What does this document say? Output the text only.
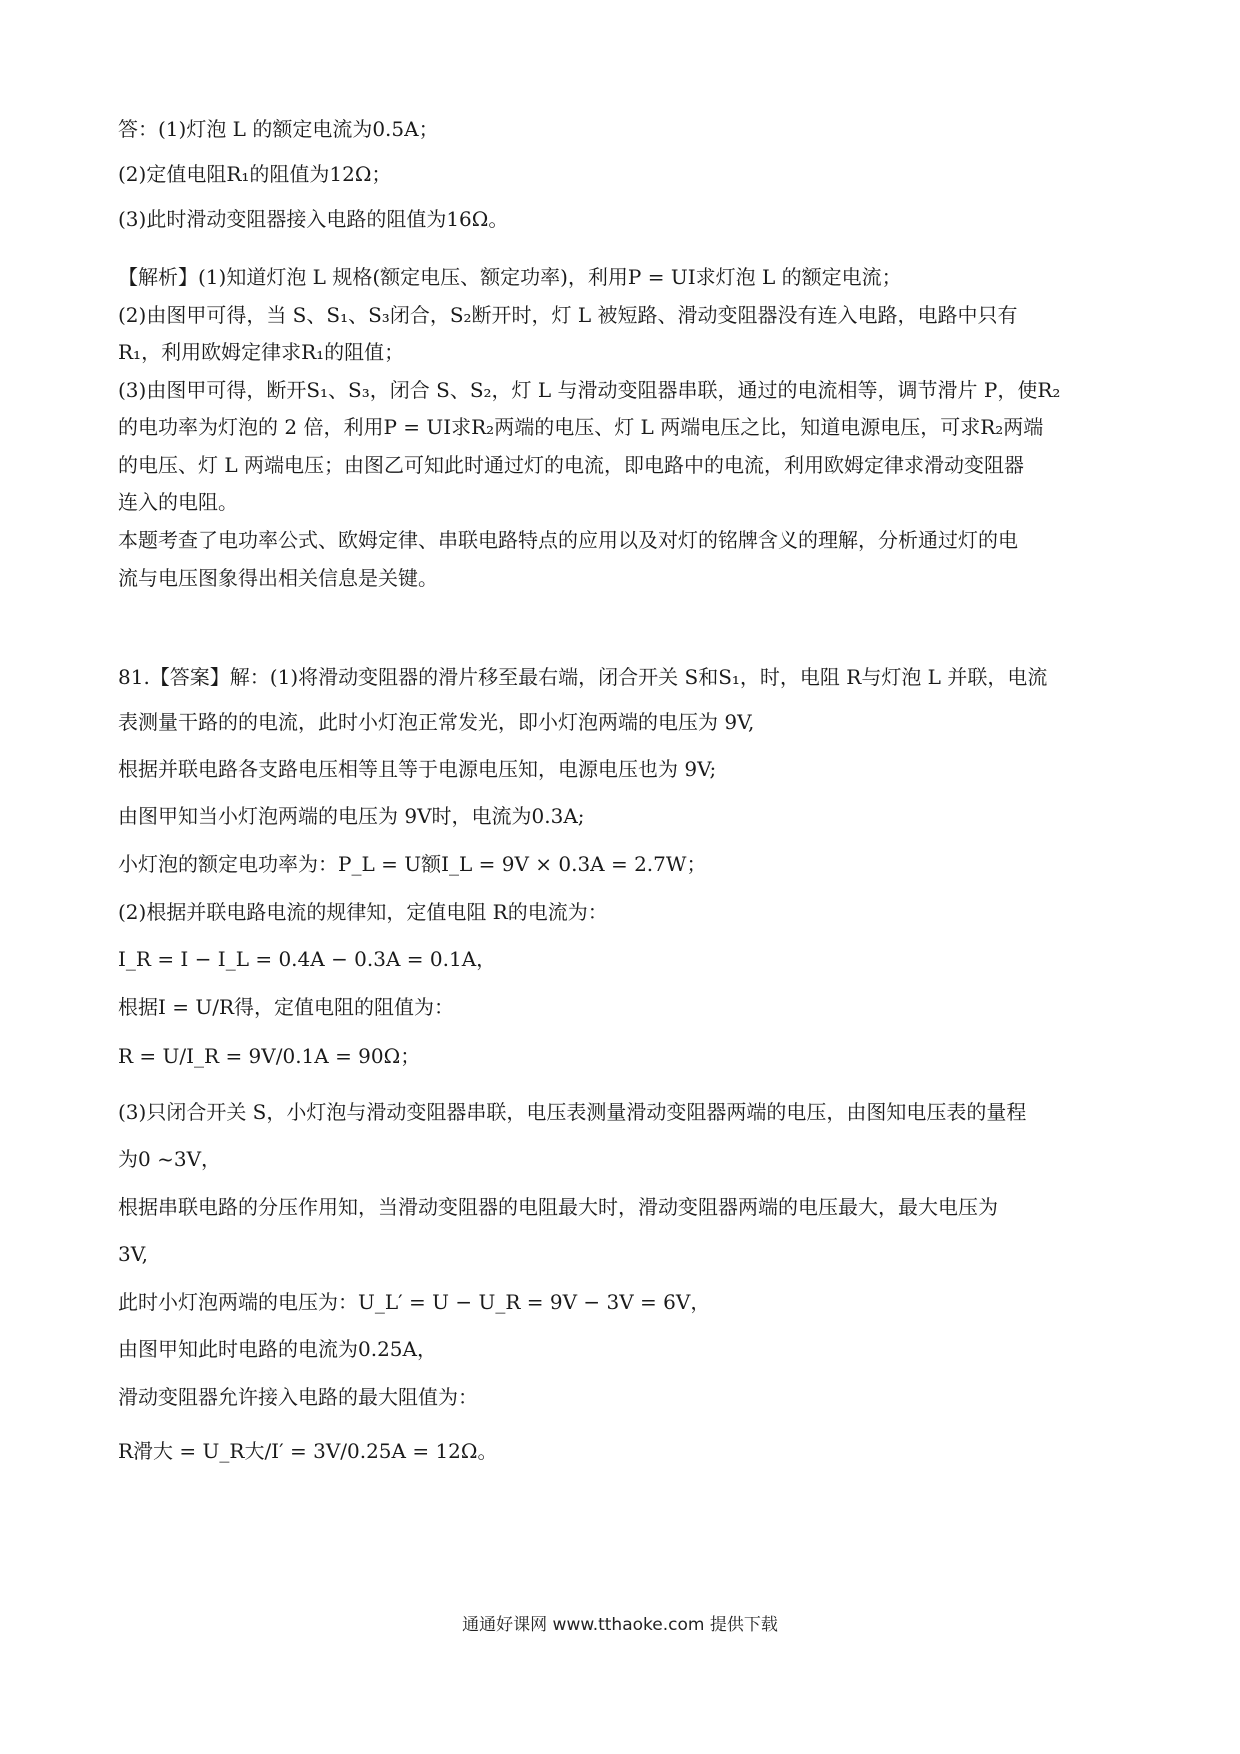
答：(1)灯泡 L 的额定电流为0.5A；
(2)定值电阻R₁的阻值为12Ω；
(3)此时滑动变阻器接入电路的阻值为16Ω。
【解析】(1)知道灯泡 L 规格(额定电压、额定功率)，利用P = UI求灯泡 L 的额定电流；
(2)由图甲可得，当 S、S₁、S₃闭合，S₂断开时，灯 L 被短路、滑动变阻器没有连入电路，电路中只有
R₁，利用欧姆定律求R₁的阻值；
(3)由图甲可得，断开S₁、S₃，闭合 S、S₂，灯 L 与滑动变阻器串联，通过的电流相等，调节滑片 P，使R₂
的电功率为灯泡的 2 倍，利用P = UI求R₂两端的电压、灯 L 两端电压之比，知道电源电压，可求R₂两端
的电压、灯 L 两端电压；由图乙可知此时通过灯的电流，即电路中的电流，利用欧姆定律求滑动变阻器
连入的电阻。
本题考查了电功率公式、欧姆定律、串联电路特点的应用以及对灯的铭牌含义的理解，分析通过灯的电
流与电压图象得出相关信息是关键。
81.【答案】解：(1)将滑动变阻器的滑片移至最右端，闭合开关 S和S₁，时，电阻 R与灯泡 L 并联，电流
表测量干路的的电流，此时小灯泡正常发光，即小灯泡两端的电压为 9V,
根据并联电路各支路电压相等且等于电源电压知，电源电压也为 9V;
由图甲知当小灯泡两端的电压为 9V时，电流为0.3A;
小灯泡的额定电功率为：P_L = U额I_L = 9V × 0.3A = 2.7W；
(2)根据并联电路电流的规律知，定值电阻 R的电流为：
I_R = I − I_L = 0.4A − 0.3A = 0.1A，
根据I = U/R得，定值电阻的阻值为：
R = U/I_R = 9V/0.1A = 90Ω；
(3)只闭合开关 S，小灯泡与滑动变阻器串联，电压表测量滑动变阻器两端的电压，由图知电压表的量程
为0 ~3V，
根据串联电路的分压作用知，当滑动变阻器的电阻最大时，滑动变阻器两端的电压最大，最大电压为
3V,
此时小灯泡两端的电压为：U_L′ = U − U_R = 9V − 3V = 6V，
由图甲知此时电路的电流为0.25A，
滑动变阻器允许接入电路的最大阻值为：
R滑大 = U_R大/I′ = 3V/0.25A = 12Ω。
通通好课网 www.tthaoke.com 提供下载
